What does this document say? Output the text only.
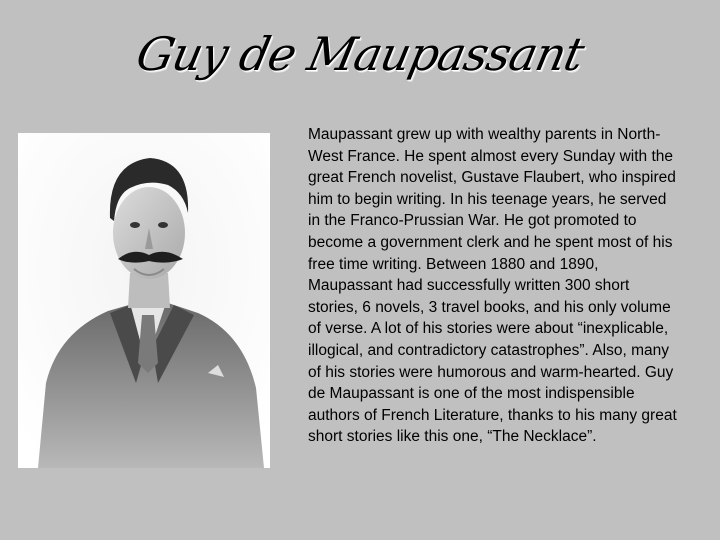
Guy de Maupassant
Maupassant grew up with wealthy parents in North-West France. He spent almost every Sunday with the great French novelist, Gustave Flaubert, who inspired him to begin writing. In his teenage years, he served in the Franco-Prussian War. He got promoted to become a government clerk and he spent most of his free time writing. Between 1880 and 1890, Maupassant had successfully written 300 short stories, 6 novels, 3 travel books, and his only volume of verse. A lot of his stories were about “inexplicable, illogical, and contradictory catastrophes”. Also, many of his stories were humorous and warm-hearted. Guy de Maupassant is one of the most indispensible authors of French Literature, thanks to his many great short stories like this one, “The Necklace”.
